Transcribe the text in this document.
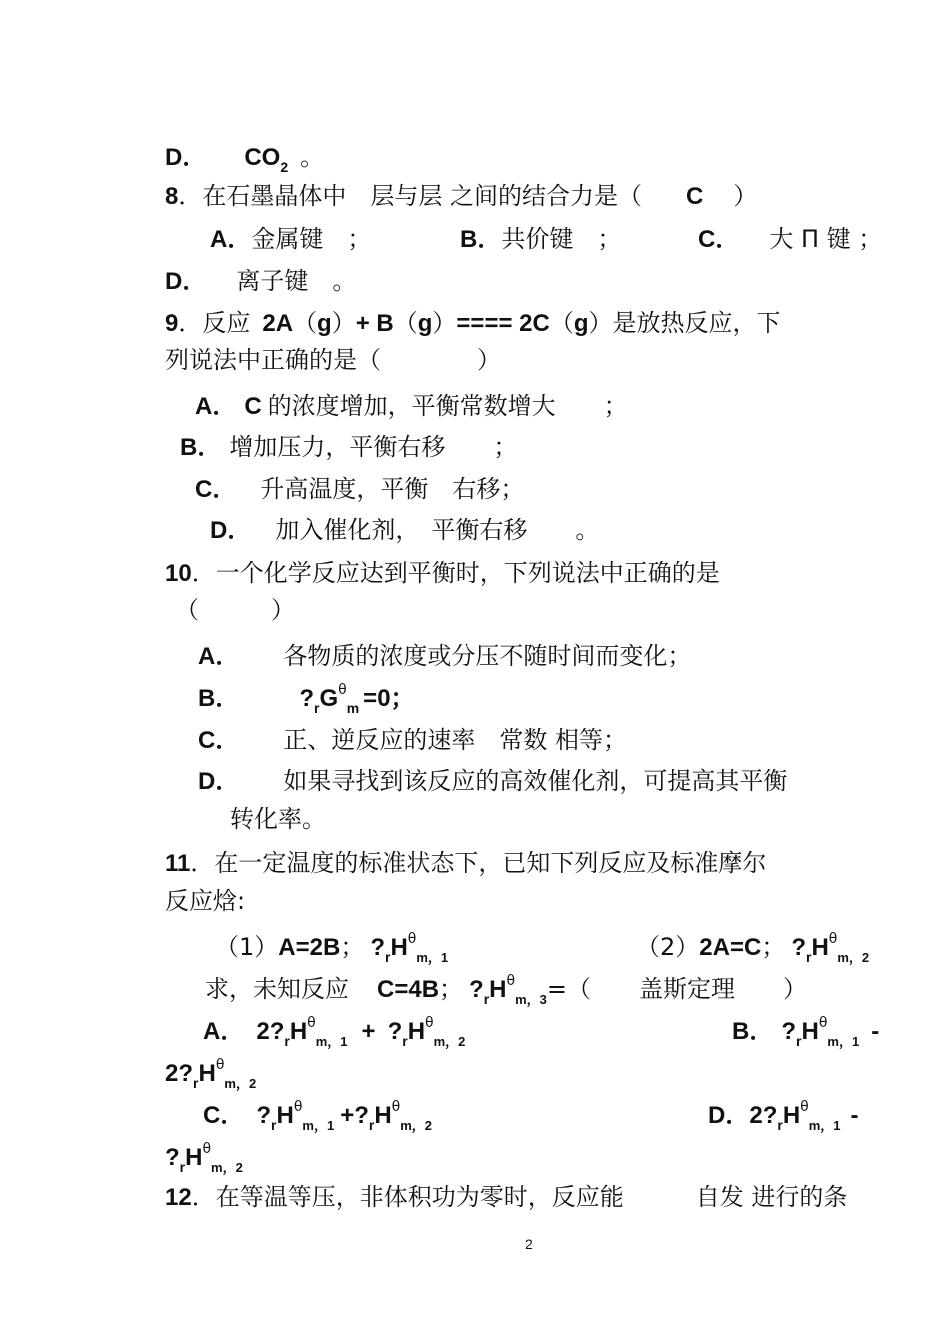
D． $CO_2$ 。
8．在石墨晶体中　层与层 之间的结合力是（ C ）
A．金属键　；	B．共价键　；	C． 大 Π 键 ；
D． 离子键　。
9．反应 2A（g）+ B（g）==== 2C（g）是放热反应，下
列说法中正确的是（　　　　）
A． C 的浓度增加，平衡常数增大　　；
B． 增加压力，平衡右移　　；
C． 升高温度，平衡　右移；
D． 加入催化剂，　平衡右移　　。
10．一个化学反应达到平衡时，下列说法中正确的是
（　　　）
A． 各物质的浓度或分压不随时间而变化；
B．	$?_rG^\theta_m =0$；
C． 正、逆反应的速率　常数 相等；
D． 如果寻找到该反应的高效催化剂，可提高其平衡
转化率。
11．在一定温度的标准状态下，已知下列反应及标准摩尔
反应焓:
（1）A=2B； $?_rH^\theta_{m,1}$	（2）2A=C； $?_rH^\theta_{m,2}$
求，未知反应 C=4B； $?_rH^\theta_{m,3}=$（　　盖斯定理　　）
A． $2?_rH^\theta_{m,1}$ + $?_rH^\theta_{m,2}$	B． $?_rH^\theta_{m,1}$ -
$2?_rH^\theta_{m,2}$
C． $?_rH^\theta_{m,1}$ $+?_rH^\theta_{m,2}$	D．$2?_rH^\theta_{m,1}$ -
$?_rH^\theta_{m,2}$
12．在等温等压，非体积功为零时，反应能　　　自发 进行的条
2
